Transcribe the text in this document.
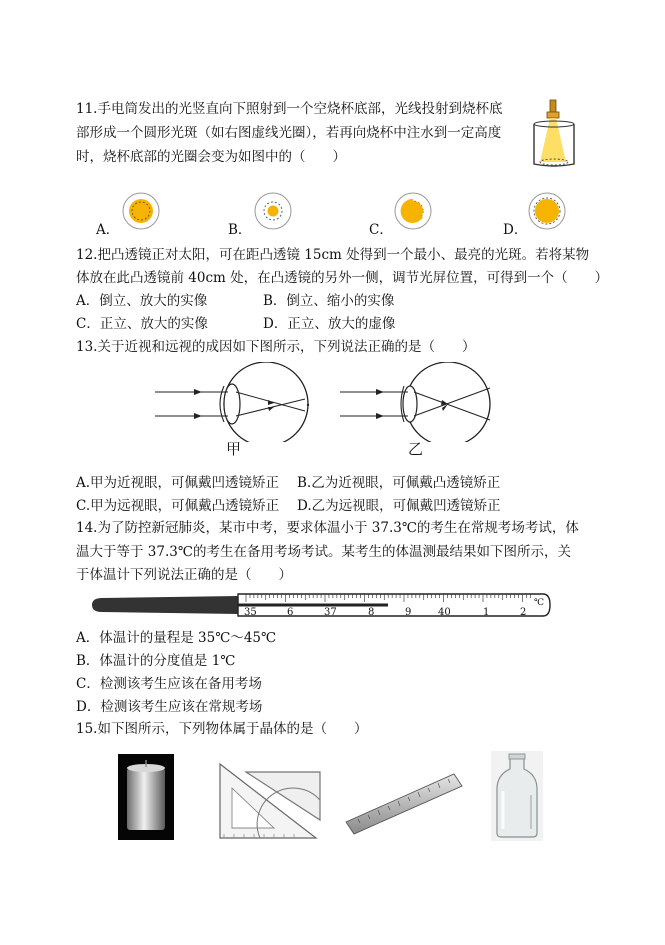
11.手电筒发出的光竖直向下照射到一个空烧杯底部，光线投射到烧杯底
部形成一个圆形光斑（如右图虚线光圈），若再向烧杯中注水到一定高度
时，烧杯底部的光圈会变为如图中的（　　）
A．	B．	C．	D．
12.把凸透镜正对太阳，可在距凸透镜 15cm 处得到一个最小、最亮的光斑。若将某物
体放在此凸透镜前 40cm 处，在凸透镜的另外一侧，调节光屏位置，可得到一个（　　）
A．倒立、放大的实像	B．倒立、缩小的实像
C．正立、放大的实像	D．正立、放大的虚像
13.关于近视和远视的成因如下图所示，下列说法正确的是（　　）
甲	乙
A.甲为近视眼，可佩戴凹透镜矫正 B.乙为近视眼，可佩戴凸透镜矫正
C.甲为远视眼，可佩戴凸透镜矫正 D.乙为远视眼，可佩戴凹透镜矫正
14.为了防控新冠肺炎，某市中考，要求体温小于 37.3℃的考生在常规考场考试，体
温大于等于 37.3℃的考生在备用考场考试。某考生的体温测最结果如下图所示，关
于体温计下列说法正确的是（　　）
35	6	37	8	9	40	1	2
℃
A．体温计的量程是 35℃～45℃
B．体温计的分度值是 1℃
C．检测该考生应该在备用考场
D．检测该考生应该在常规考场
15.如下图所示，下列物体属于晶体的是（　　）
